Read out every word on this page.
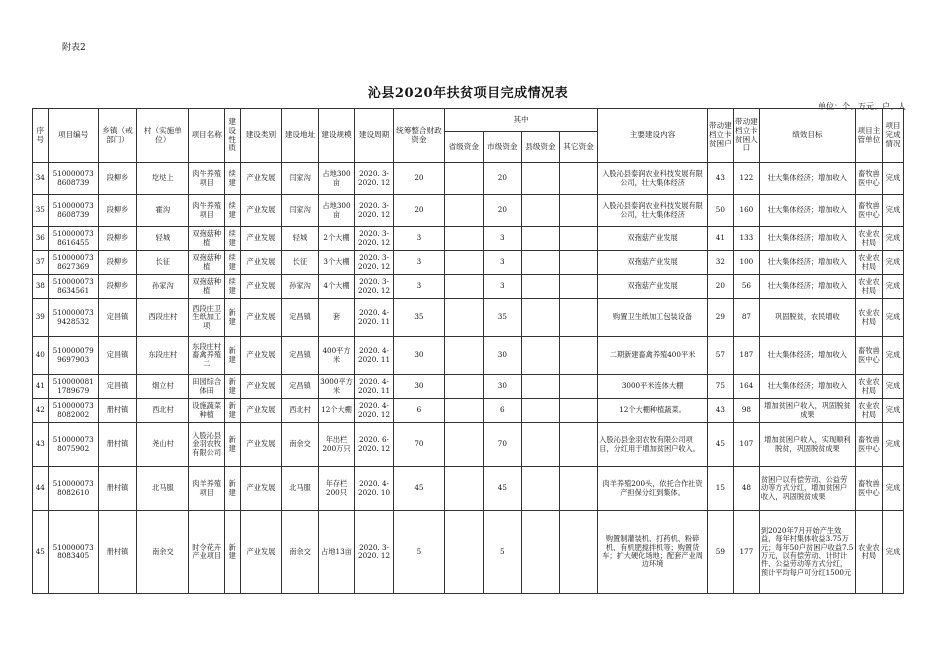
附表2
沁县2020年扶贫项目完成情况表
单位：个、万元、户、人
序号	项目编号	乡镇（戒部门）	村（实施单位）	项目名称	建设性质	建设类别	建设地址	建设规模	建设周期	统筹整合财政资金	其中				主要建设内容	带动建档立卡贫困户	带动建档立卡贫困人口	绩效目标	项目主管单位	项目完成情况
											省级资金	市级资金	县级资金	其它资金						
34	510000073 8608739	段柳乡	圪垯上	肉牛养殖项目	续建	产业发展	闫家沟	占地300亩	2020. 3-2020. 12	20		20			入股沁县泰润农业科技发展有限公司，壮大集体经济	43	122	壮大集体经济；增加收入	畜牧兽医中心	完成
35	510000073 8608739	段柳乡	霍沟	肉牛养殖项目	续建	产业发展	闫家沟	占地300亩	2020. 3-2020. 12	20		20			入股沁县泰润农业科技发展有限公司，壮大集体经济	50	160	壮大集体经济；增加收入	畜牧兽医中心	完成
36	510000073 8616455	段柳乡	轻城	双孢菇种植	续建	产业发展	轻城	2个大棚	2020. 3-2020. 12	3		3			双孢菇产业发展	41	133	壮大集体经济；增加收入	农业农村局	完成
37	510000073 8627369	段柳乡	长征	双孢菇种植	续建	产业发展	长征	3个大棚	2020. 3-2020. 12	3		3			双孢菇产业发展	32	100	壮大集体经济；增加收入	农业农村局	完成
38	510000073 8634561	段柳乡	孙家沟	双孢菇种植	续建	产业发展	孙家沟	4个大棚	2020. 3-2020. 12	3		3			双孢菇产业发展	20	56	壮大集体经济；增加收入	农业农村局	完成
39	510000073 9428532	定昌镇	西段庄村	西段庄卫生纸加工项	新建	产业发展	定昌镇	套	2020. 4-2020. 11	35		35			购置卫生纸加工包装设备	29	87	巩固脱贫，农民增收	农业农村局	完成
40	510000079 9697903	定昌镇	东段庄村	东段庄村畜禽养殖二	新建	产业发展	定昌镇	400平方米	2020. 4-2020. 11	30		30			二期新建畜禽养殖400平米	57	187	壮大集体经济；增加收入	畜牧兽医中心	完成
41	510000081 1789679	定昌镇	烟立村	田园综合体田	新建	产业发展	定昌镇	3000平方米	2020. 4-2020. 11	30		30			3000平米连体大棚	75	164	壮大集体经济；增加收入	农业农村局	完成
42	510000073 8082002	册村镇	西北村	设施蔬菜种植	新建	产业发展	西北村	12个大棚	2020. 4-2020. 12	6		6			12个大棚种植蔬菜。	43	98	增加贫困户收入，巩固脱贫成果	农业农村局	完成
43	510000073 8075902	册村镇	尧山村	入股沁县金羽农牧有限公司	新建	产业发展	南余交	年出栏200万只	2020. 6-2020. 12	70		70			入股沁县金羽农牧有限公司项目，分红用于增加贫困户收入。	45	107	增加贫困户收入，实现顺利脱贫，巩固脱贫成果	畜牧兽医中心	完成
44	510000073 8082610	册村镇	北马服	肉羊养殖项目	新建	产业发展	北马服	年存栏200只	2020. 4-2020. 10	45		45			肉羊养殖200头，依托合作社资产担保分红到集体。	15	48	贫困户以有偿劳动、公益劳动等方式分红，增加贫困户收入，巩固脱贫成果	畜牧兽医中心	完成
45	510000073 8083405	册村镇	南余交	时令花卉产业项目	新建	产业发展	南余交	占地13亩	2020. 3-2020. 12	5		5			购置制灌装机、打药机、粉碎机、有机肥搅拌机等；购置货车；扩大硬化场地；配套产业周边环境	59	177	到2020年7月开始产生效益，每年村集体收益3.75万元；每年50户贫困户收益7.5万元，以有偿劳动、计时计件、公益劳动等方式分红，预计平均每户可分红1500元	农业农村局	完成
